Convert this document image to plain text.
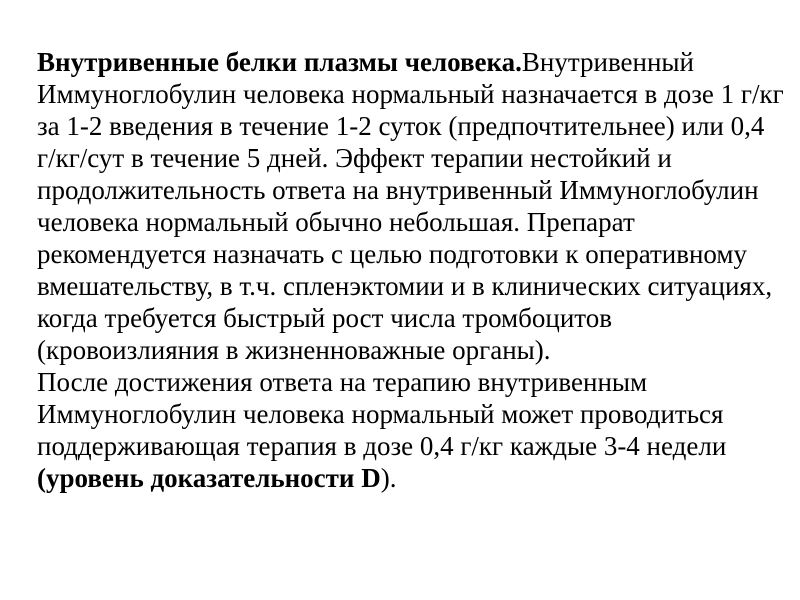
Внутривенные белки плазмы человека.Внутривенный
Иммуноглобулин человека нормальный назначается в дозе 1 г/кг
за 1-2 введения в течение 1-2 суток (предпочтительнее) или 0,4
г/кг/сут в течение 5 дней. Эффект терапии нестойкий и
продолжительность ответа на внутривенный Иммуноглобулин
человека нормальный обычно небольшая. Препарат
рекомендуется назначать с целью подготовки к оперативному
вмешательству, в т.ч. спленэктомии и в клинических ситуациях,
когда требуется быстрый рост числа тромбоцитов
(кровоизлияния в жизненноважные органы).
После достижения ответа на терапию внутривенным
Иммуноглобулин человека нормальный может проводиться
поддерживающая терапия в дозе 0,4 г/кг каждые 3-4 недели
(уровень доказательности D).
